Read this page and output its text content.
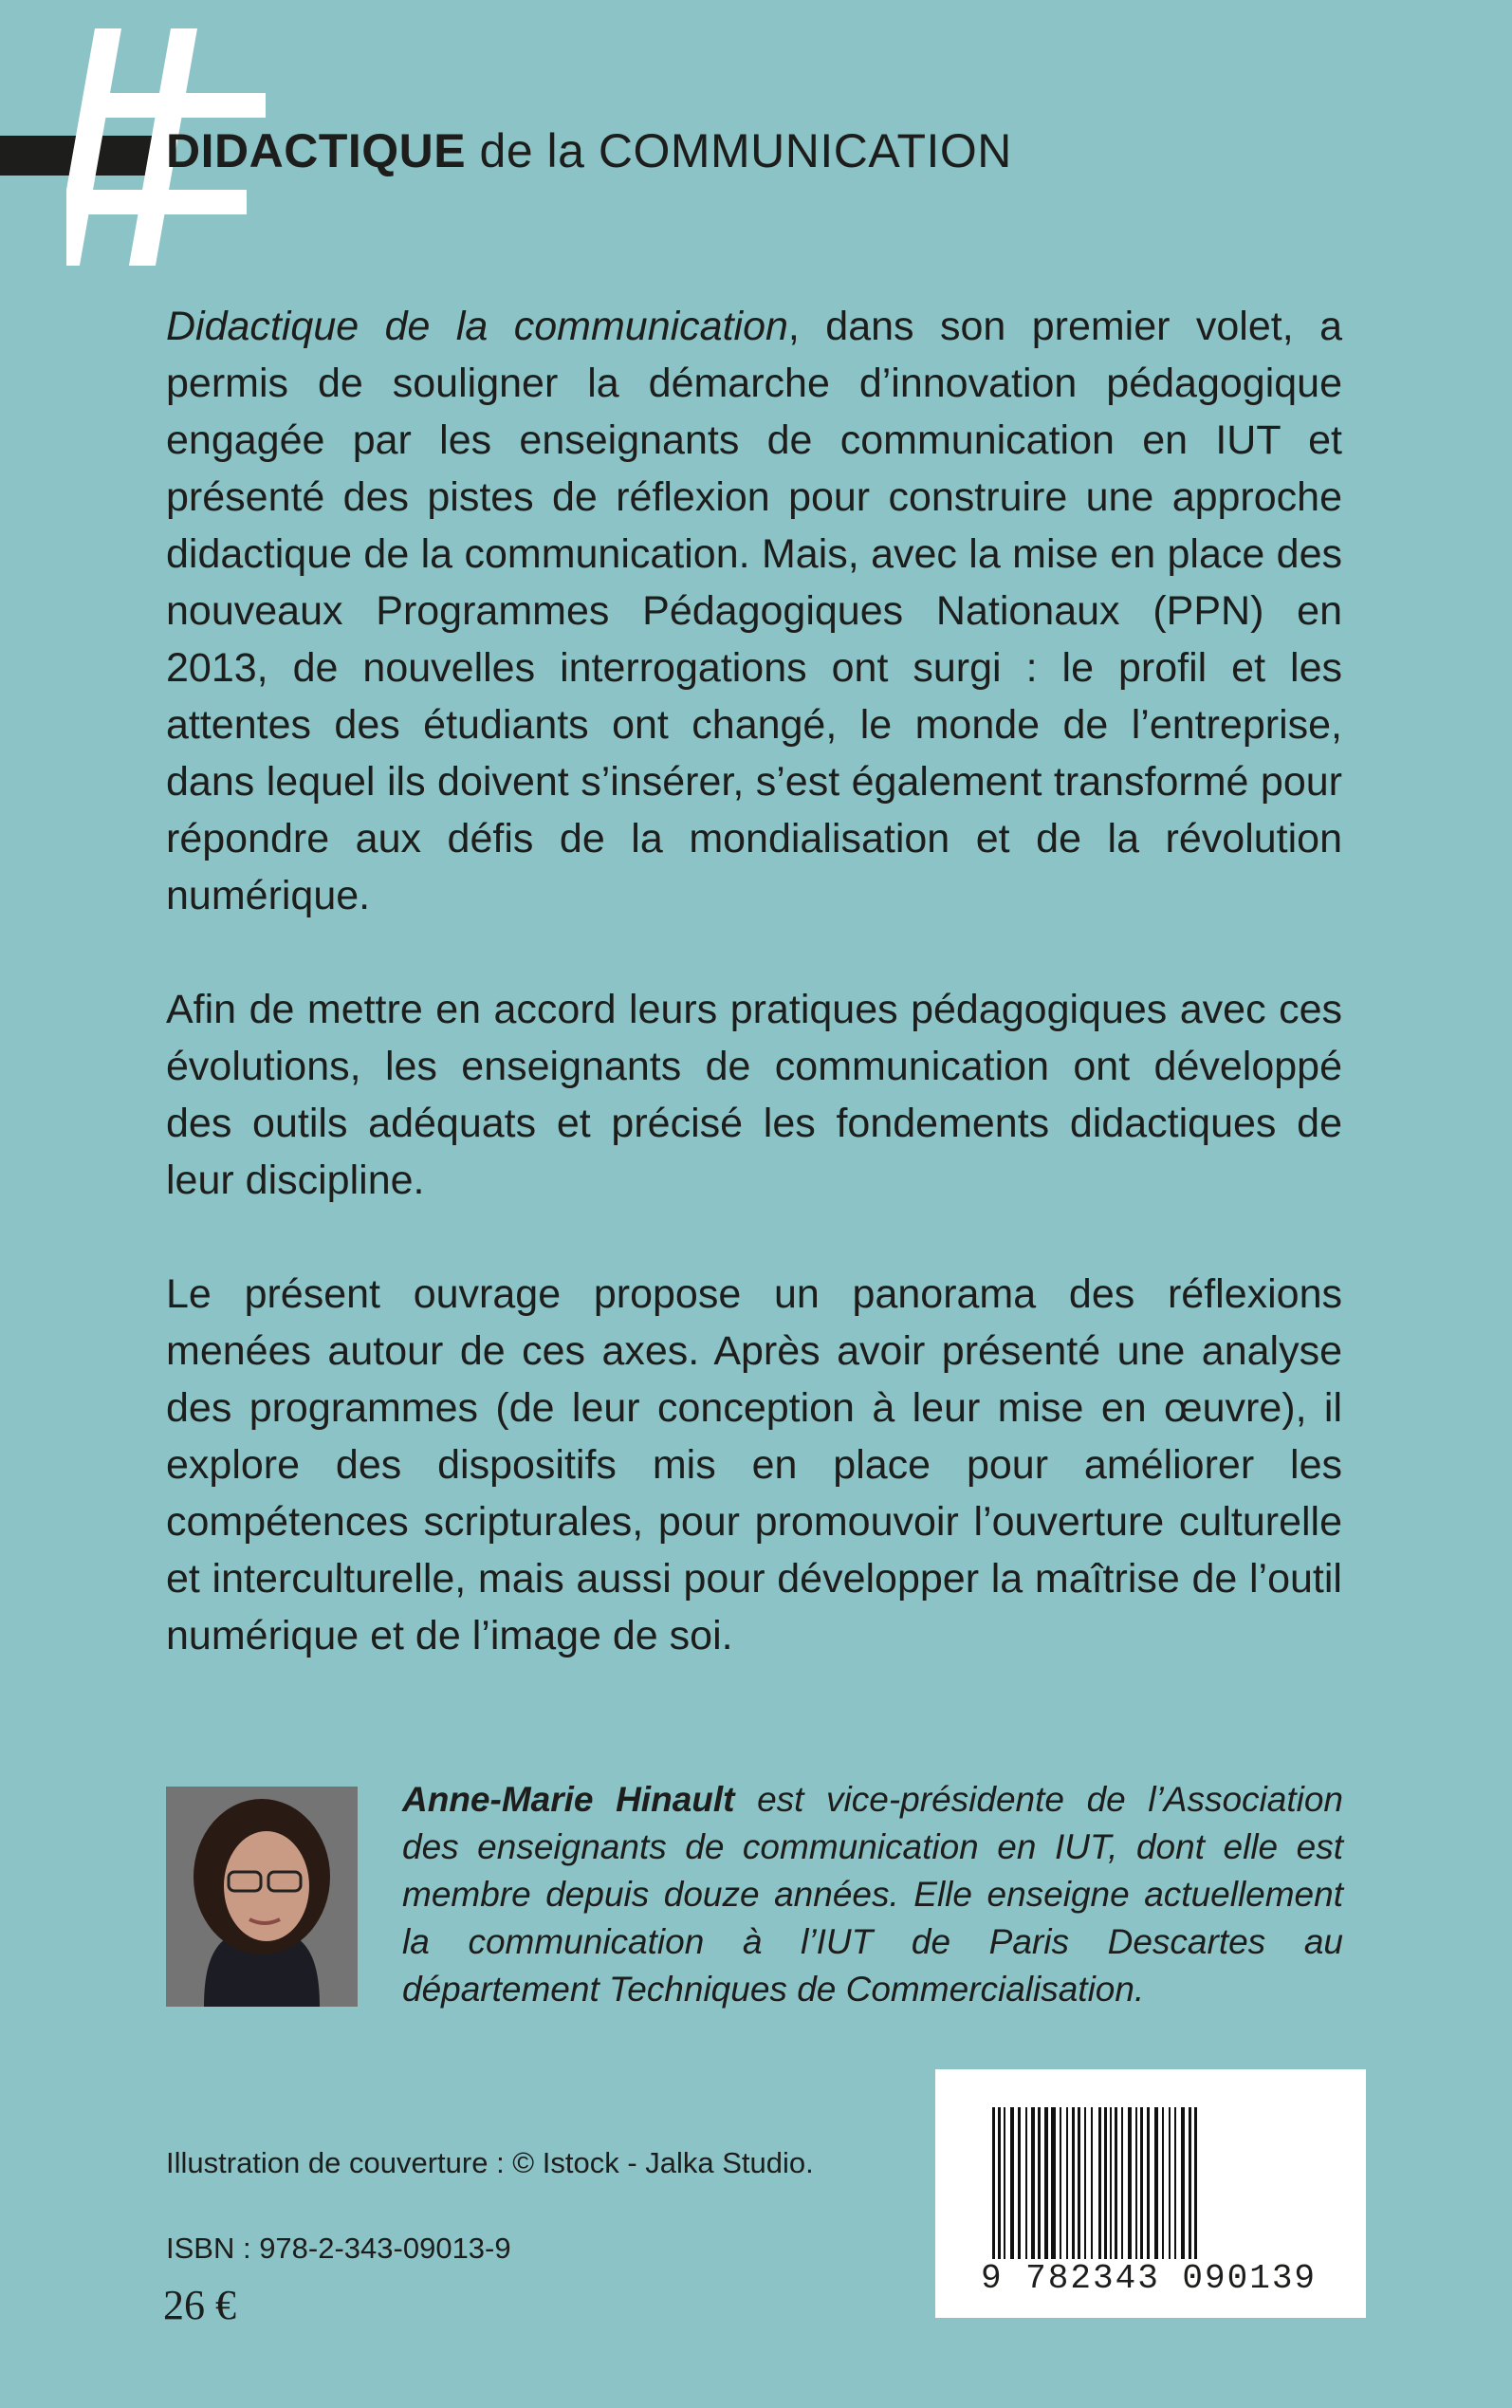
DIDACTIQUE de la COMMUNICATION

Didactique de la communication, dans son premier volet, a permis de souligner la démarche d’innovation pédagogique engagée par les enseignants de communication en IUT et présenté des pistes de réflexion pour construire une approche didactique de la communication. Mais, avec la mise en place des nouveaux Programmes Pédagogiques Nationaux (PPN) en 2013, de nouvelles interrogations ont surgi : le profil et les attentes des étudiants ont changé, le monde de l’entreprise, dans lequel ils doivent s’insérer, s’est également transformé pour répondre aux défis de la mondialisation et de la révolution numérique.

Afin de mettre en accord leurs pratiques pédagogiques avec ces évolutions, les enseignants de communication ont développé des outils adéquats et précisé les fondements didactiques de leur discipline.

Le présent ouvrage propose un panorama des réflexions menées autour de ces axes. Après avoir présenté une analyse des programmes (de leur conception à leur mise en œuvre), il explore des dispositifs mis en place pour améliorer les compétences scripturales, pour promouvoir l’ouverture culturelle et interculturelle, mais aussi pour développer la maîtrise de l’outil numérique et de l’image de soi.

Anne-Marie Hinault est vice-présidente de l’Association des enseignants de communication en IUT, dont elle est membre depuis douze années. Elle enseigne actuellement la communication à l’IUT de Paris Descartes au département Techniques de Commercialisation.

Illustration de couverture : © Istock - Jalka Studio.
ISBN : 978-2-343-09013-9
26 €
9 782343 090139
